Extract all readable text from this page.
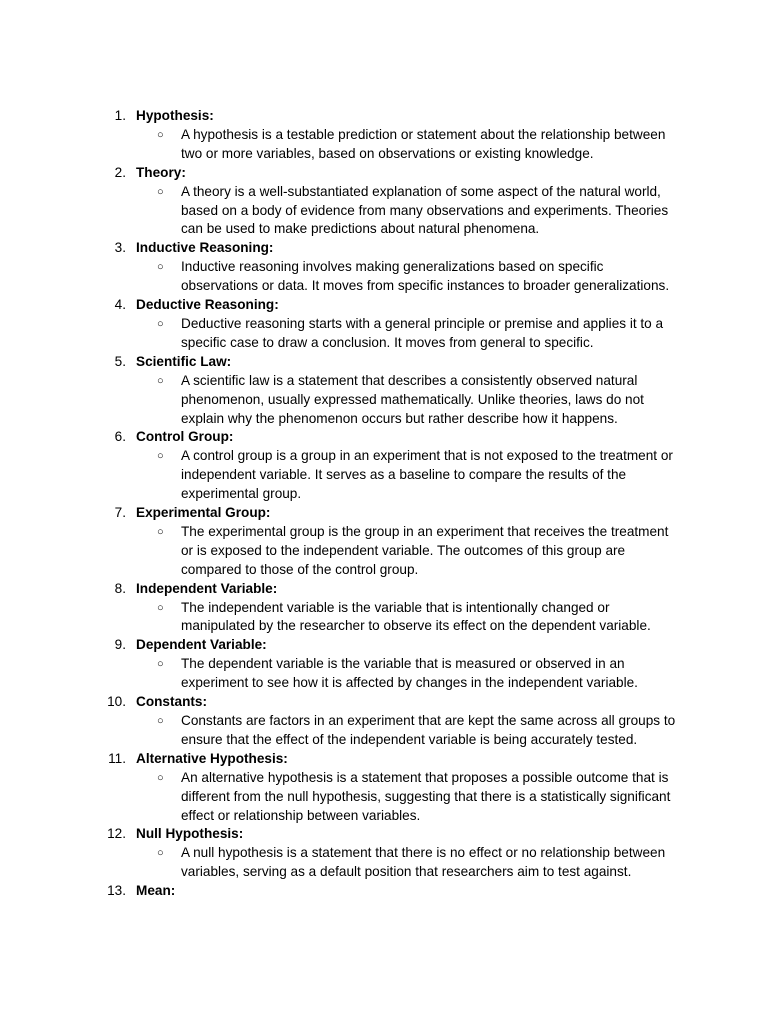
1. Hypothesis:
○ A hypothesis is a testable prediction or statement about the relationship between two or more variables, based on observations or existing knowledge.
2. Theory:
○ A theory is a well-substantiated explanation of some aspect of the natural world, based on a body of evidence from many observations and experiments. Theories can be used to make predictions about natural phenomena.
3. Inductive Reasoning:
○ Inductive reasoning involves making generalizations based on specific observations or data. It moves from specific instances to broader generalizations.
4. Deductive Reasoning:
○ Deductive reasoning starts with a general principle or premise and applies it to a specific case to draw a conclusion. It moves from general to specific.
5. Scientific Law:
○ A scientific law is a statement that describes a consistently observed natural phenomenon, usually expressed mathematically. Unlike theories, laws do not explain why the phenomenon occurs but rather describe how it happens.
6. Control Group:
○ A control group is a group in an experiment that is not exposed to the treatment or independent variable. It serves as a baseline to compare the results of the experimental group.
7. Experimental Group:
○ The experimental group is the group in an experiment that receives the treatment or is exposed to the independent variable. The outcomes of this group are compared to those of the control group.
8. Independent Variable:
○ The independent variable is the variable that is intentionally changed or manipulated by the researcher to observe its effect on the dependent variable.
9. Dependent Variable:
○ The dependent variable is the variable that is measured or observed in an experiment to see how it is affected by changes in the independent variable.
10. Constants:
○ Constants are factors in an experiment that are kept the same across all groups to ensure that the effect of the independent variable is being accurately tested.
11. Alternative Hypothesis:
○ An alternative hypothesis is a statement that proposes a possible outcome that is different from the null hypothesis, suggesting that there is a statistically significant effect or relationship between variables.
12. Null Hypothesis:
○ A null hypothesis is a statement that there is no effect or no relationship between variables, serving as a default position that researchers aim to test against.
13. Mean:
